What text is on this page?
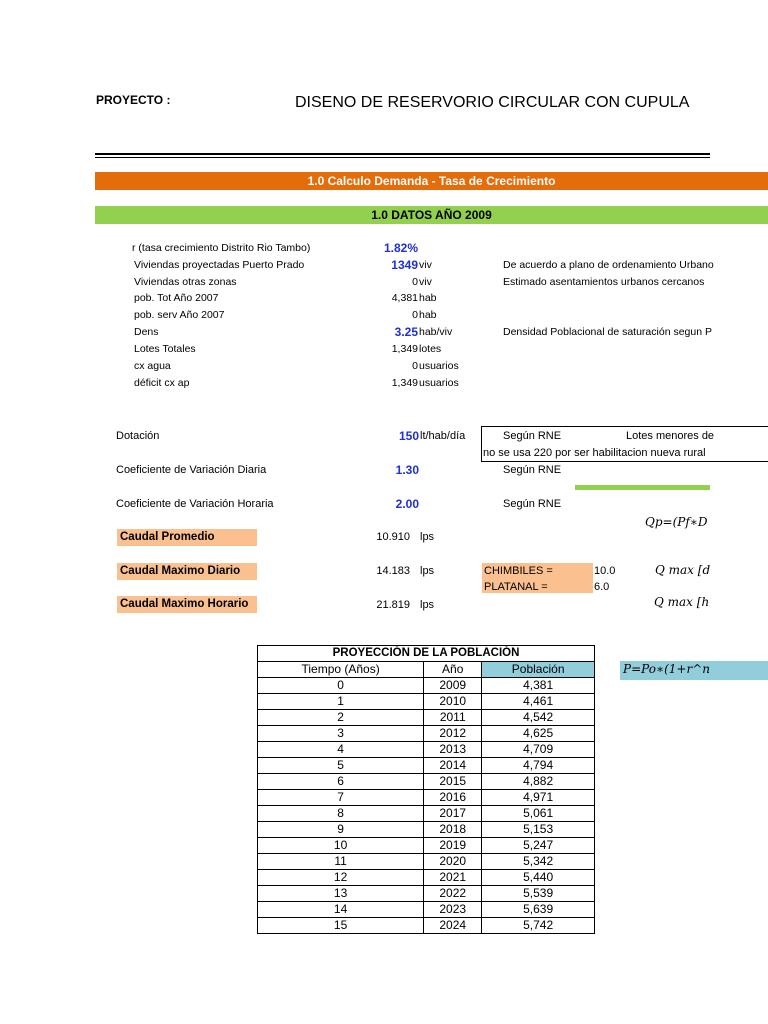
PROYECTO :	DISENO DE RESERVORIO CIRCULAR CON CUPULA
1.0 Calculo Demanda - Tasa de Crecimiento
1.0 DATOS AÑO 2009
r (tasa crecimiento Distrito Rio Tambo)	1.82%
Viviendas proyectadas Puerto Prado	1349 viv	De acuerdo a plano de ordenamiento Urbano
Viviendas otras zonas	0 viv	Estimado asentamientos urbanos cercanos
pob. Tot Año 2007	4,381 hab
pob. serv Año 2007	0 hab
Dens	3.25 hab/viv	Densidad Poblacional de saturación segun P
Lotes Totales	1,349 lotes
cx agua	0 usuarios
déficit cx ap	1,349 usuarios
Dotación	150 lt/hab/día	Según RNE	Lotes menores de
no se usa 220 por ser habilitacion nueva rural
Coeficiente de Variación Diaria	1.30	Según RNE
Coeficiente de Variación Horaria	2.00	Según RNE
Qp=(Pf∗D
Caudal Promedio	10.910 lps
Caudal Maximo Diario	14.183 lps	CHIMBILES =	10.0
PLATANAL =	6.0
Q max [d
Caudal Maximo Horario	21.819 lps	Q max [h
PROYECCIÓN DE LA POBLACIÓN		
Tiempo (Años)	Año	Población
0	2009	4,381
1	2010	4,461
2	2011	4,542
3	2012	4,625
4	2013	4,709
5	2014	4,794
6	2015	4,882
7	2016	4,971
8	2017	5,061
9	2018	5,153
10	2019	5,247
11	2020	5,342
12	2021	5,440
13	2022	5,539
14	2023	5,639
15	2024	5,742
P=Po∗(1+r^n
